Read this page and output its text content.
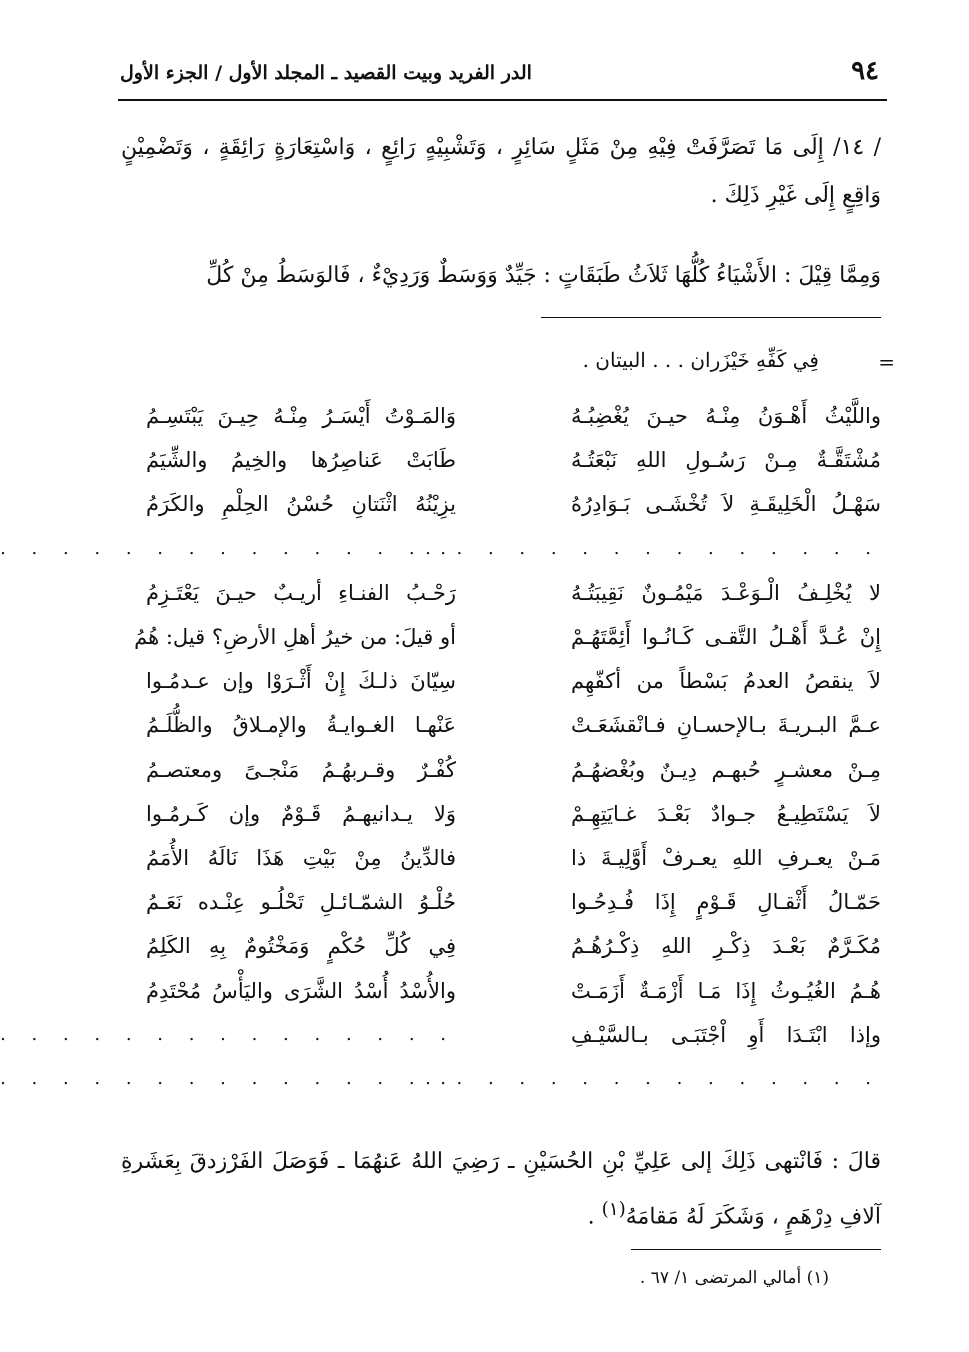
٩٤
الدر الفريد وبيت القصيد ـ المجلد الأول / الجزء الأول

/ ١٤/ إِلَى مَا تَصَرَّفَتْ فِيْهِ مِنْ مَثَلٍ سَائِرٍ ، وَتَشْبِيْهٍ رَائِعٍ ، وَاسْتِعَارَةٍ رَائِقَةٍ ، وَتَضْمِيْنٍ وَاقِعٍ إِلَى غَيْرِ ذَلِكَ .

وَمِمَّا قِيْلَ : الأَشْيَاءُ كُلُّهَا ثَلاَثُ طَبَقَاتٍ : جَيِّدٌ وَوَسَطٌ وَرَدِيْءٌ ، فَالوَسَطُ مِنْ كُلِّ

=
فِي كَفِّهِ خَيْزَران . . . البيتان .
واللَّيْثُ أَهْـوَنُ مِنْـهُ حيـنَ يُغْضِبُـهُ
وَالمَـوْتُ أَيْسَـرُ مِنْـهُ حِيـنَ يَبْتَسِـمُ
مُشْتَقَّـةٌ مِـنْ رَسُـولِ اللهِ نَبْعَتُـهُ
طَابَتْ عَناصِرُها والخِيمُ والشِّيَمُ
سَهْـلُ الْخَلِيقَـةِ لاَ تُخْشَـى بَـوَادِرُهُ
يزِيْنُهُ اثْنَتانِ حُسْنُ الحِلْمِ والكَرَمُ
. . . . . . . . . . . . . . .
. . . . . . . . . . . . . . .
لا يُخْلِـفُ الْـوَعْـدَ مَيْمُـونٌ نَقِيبَتُـهُ
رَحْـبُ الفنـاءِ أريـبٌ حيـنَ يَعْتَـزِمُ
إِنْ عُـدَّ أَهْـلُ التَّقـى كَـانُـوا أَئِمَّتَهُـمْ
أو قيلَ: من خيرُ أهلِ الأرضِ؟ قيل: هُمُ
لاَ ينقصُ العدمُ بَسْطاً من أكفّهِم
سِيّانَ ذلـكَ إِنْ أَثْـرَوْا وإن عـدمُـوا
عـمَّ البـريـةَ بـالإحسـانِ فـانْقشَعَـتْ
عَنْهـا الغـوايـةُ والإمـلاقُ والظُّلَـمُ
مِـنْ معشـرٍ حُبهـم دِيـنٌ وبُغْضهُـمُ
كُفْـرٌ وقـربهُـمُ مَنْجـىً ومعتصـمُ
لاَ يَسْتَطِيـعُ جـوادٌ بَعْـدَ غـايَتِهِـمْ
وَلا يـدانيهـمُ قَـوْمٌ وإن كَـرمُـوا
مَـنْ يعـرفِ اللهِ يعـرفْ أَوَّلِيـةَ ذا
فالدِّينُ مِنْ بَيْتِ هَذَا نَالَهُ الأُمَمُ
حَمّـالُ أَثْقـالِ قَـوْمٍ إِذَا فُـدِحُـوا
حُلْـوُ الشمّـائـلِ تَحْلُـو عِنْـده نَعَـمُ
مُكَـرَّمٌ بَعْـدَ ذِكْـرِ اللهِ ذِكْـرُهُـمُ
فِي كُلِّ حُكْمٍ وَمَخْتُومٌ بِهِ الكَلِمُ
هُـمُ الغُيُـوثُ إِذَا مَـا أَزْمَـةٌ أَزَمَـتْ
والأُسْدُ أُسْدُ الشَّرَى واليَأْسُ مُحْتَدِمُ
وإذا ابْتَـدَا أَوِ اْجْتَبَـى بـالسَّيْـفِ
. . . . . . . . . . . . . . .
. . . . . . . . . . . . . . .
. . . . . . . . . . . . . . .

قالَ : فَانْتهى ذَلِكَ إلى عَلِيِّ بْنِ الحُسَيْنِ ـ رَضِيَ اللهُ عَنهُمَا ـ فَوَصَلَ الفَرْزدقَ بِعَشَرةِ آلافِ دِرْهَمٍ ، وَشَكَرَ لَهُ مَقامَهُ$^{(١)}$ .

(١) أمالي المرتضى ١/ ٦٧ .
